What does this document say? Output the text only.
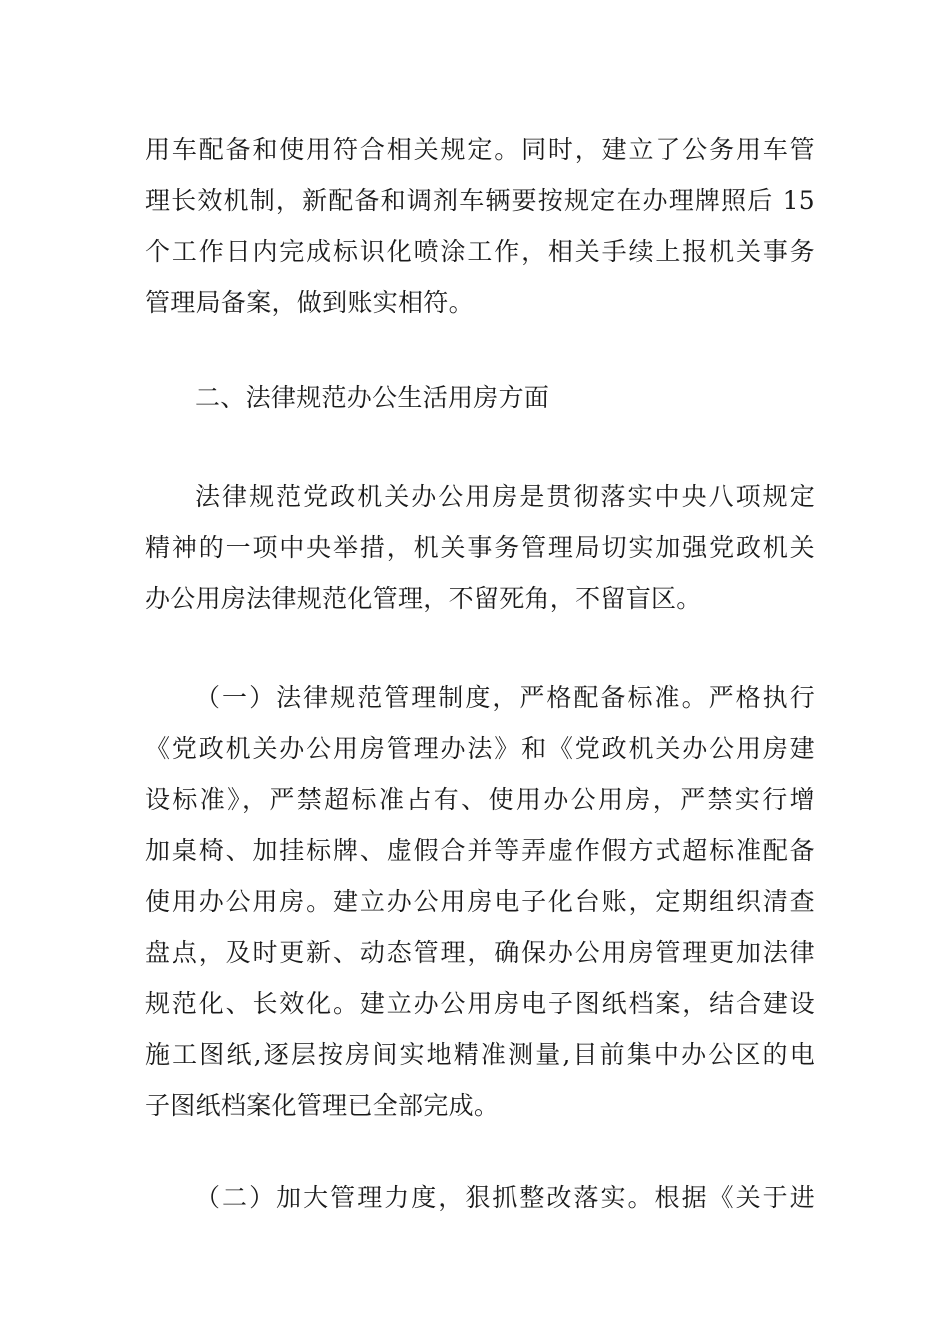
用车配备和使用符合相关规定。同时，建立了公务用车管

理长效机制，新配备和调剂车辆要按规定在办理牌照后 15

个工作日内完成标识化喷涂工作，相关手续上报机关事务

管理局备案，做到账实相符。

二、法律规范办公生活用房方面

法律规范党政机关办公用房是贯彻落实中央八项规定

精神的一项中央举措，机关事务管理局切实加强党政机关

办公用房法律规范化管理，不留死角，不留盲区。

（一）法律规范管理制度，严格配备标准。严格执行

《党政机关办公用房管理办法》和《党政机关办公用房建

设标准》，严禁超标准占有、使用办公用房，严禁实行增

加桌椅、加挂标牌、虚假合并等弄虚作假方式超标准配备

使用办公用房。建立办公用房电子化台账，定期组织清查

盘点，及时更新、动态管理，确保办公用房管理更加法律

规范化、长效化。建立办公用房电子图纸档案，结合建设

施工图纸,逐层按房间实地精准测量,目前集中办公区的电

子图纸档案化管理已全部完成。

（二）加大管理力度，狠抓整改落实。根据《关于进
